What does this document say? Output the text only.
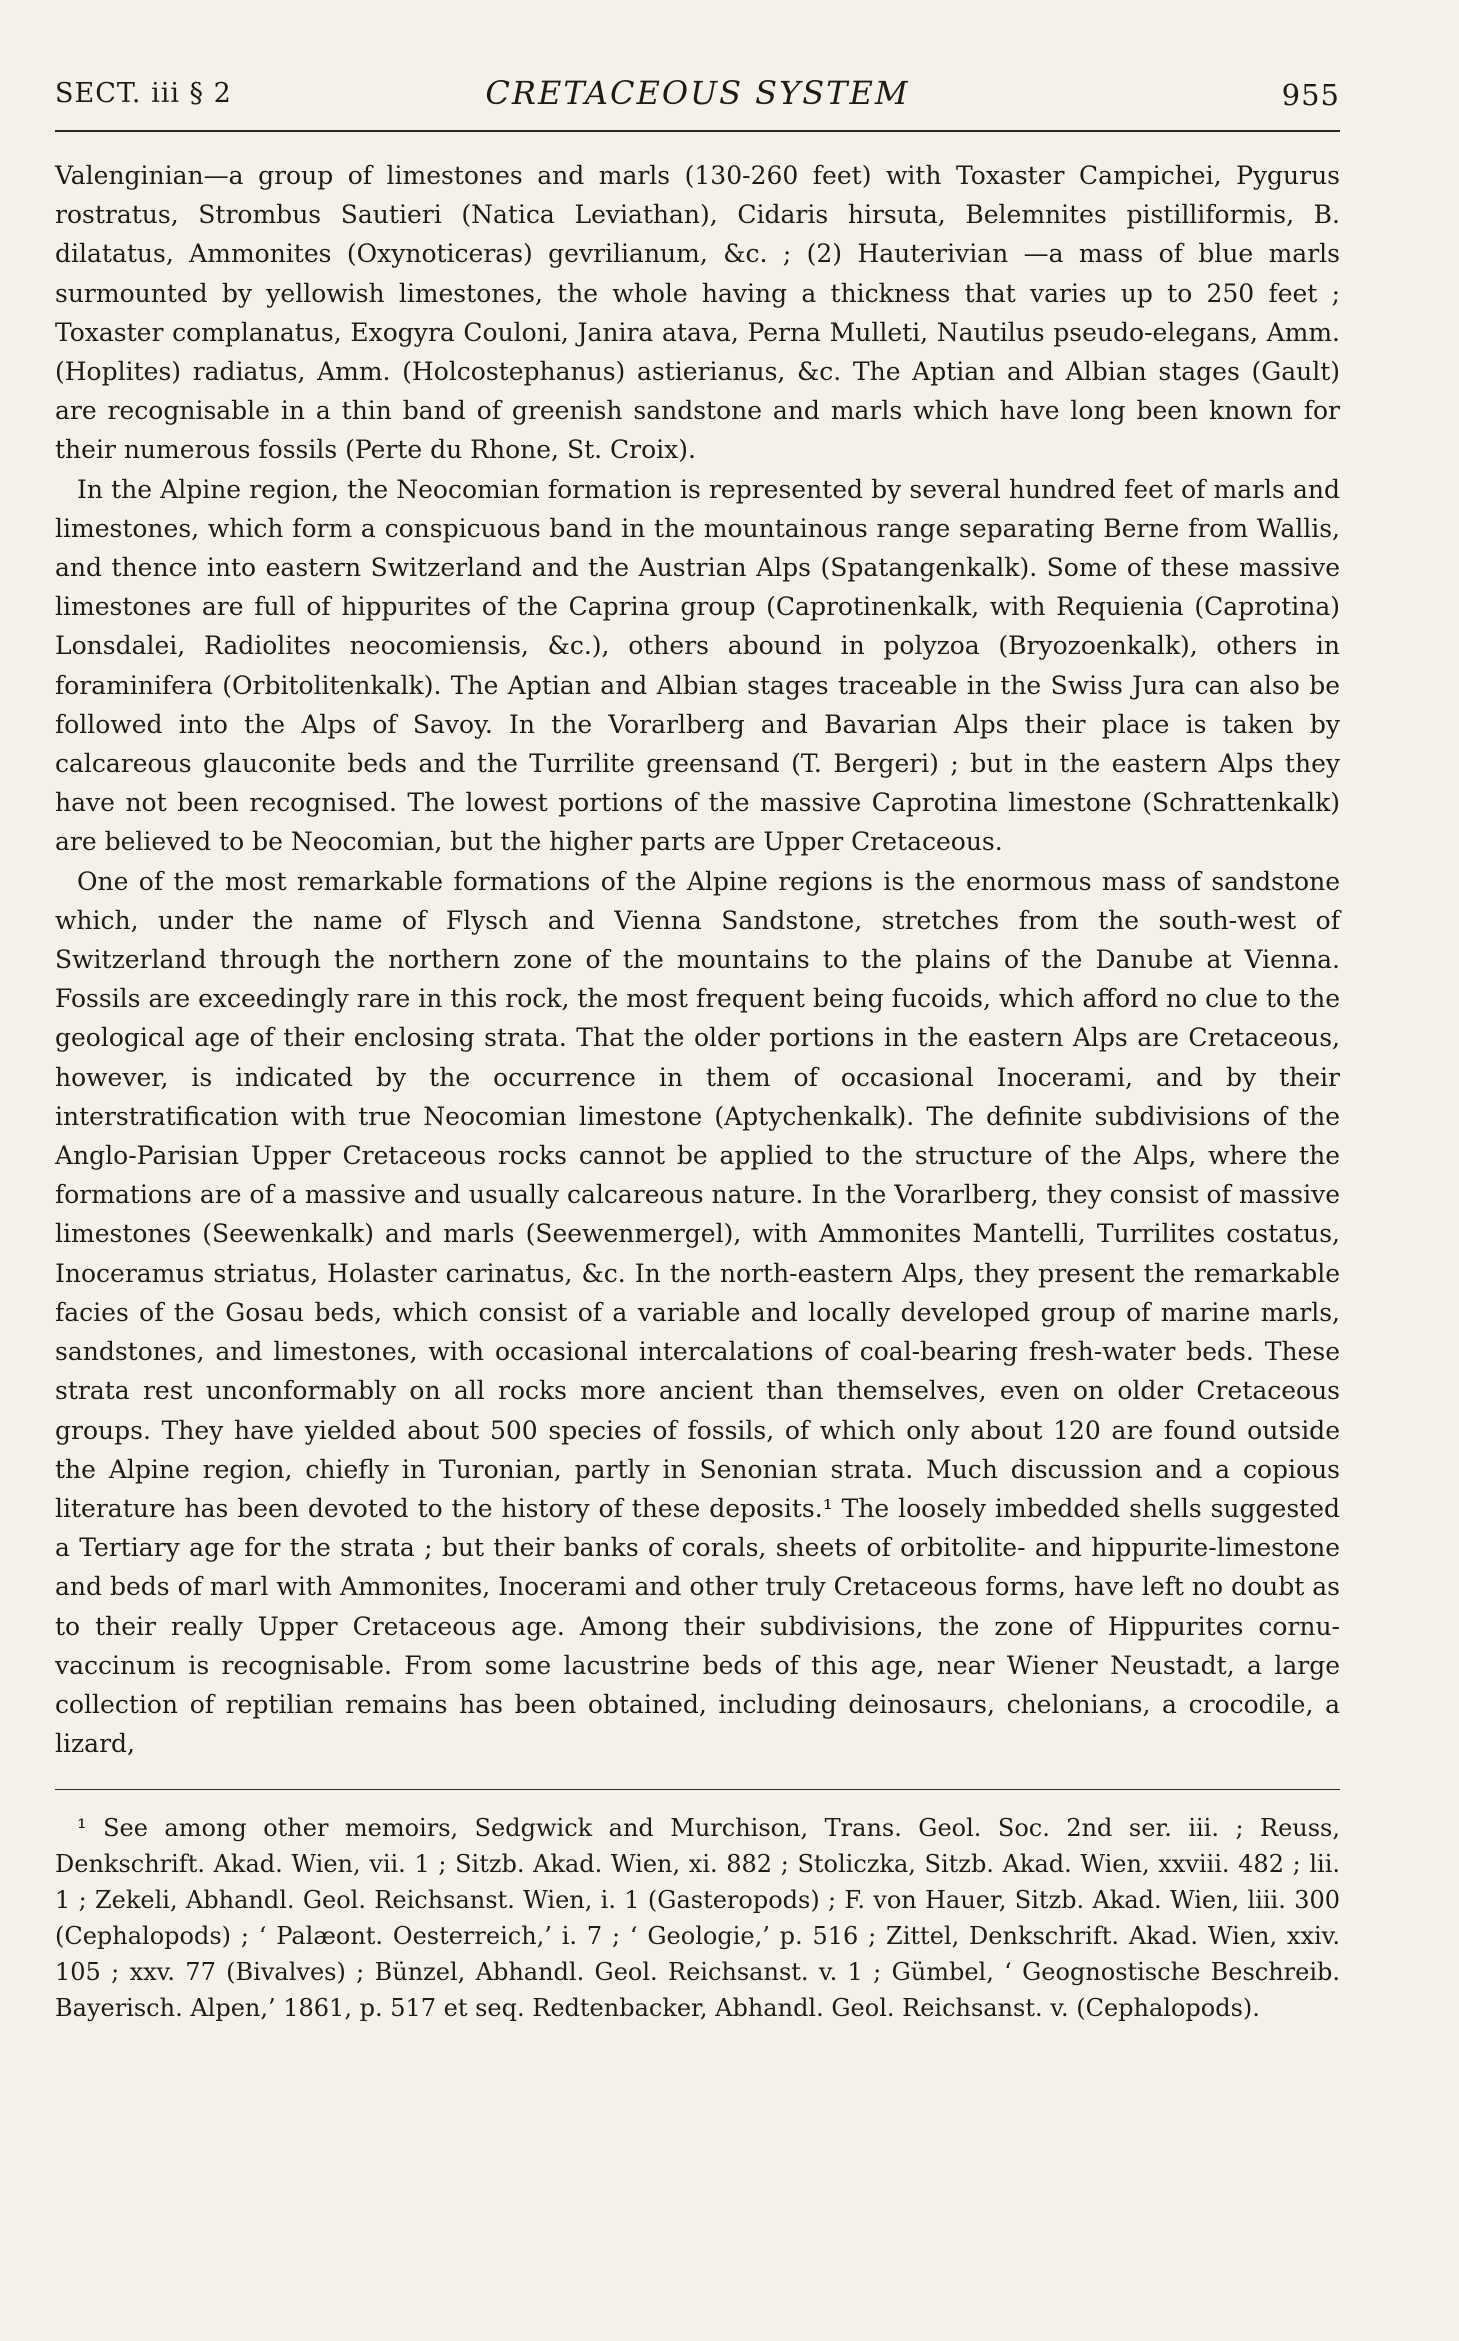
SECT. iii § 2	CRETACEOUS SYSTEM	955

Valenginian—a group of limestones and marls (130-260 feet) with Toxaster Campichei, Pygurus rostratus, Strombus Sautieri (Natica Leviathan), Cidaris hirsuta, Belemnites pistilliformis, B. dilatatus, Ammonites (Oxynoticeras) gevrilianum, &c. ; (2) Hauterivian —a mass of blue marls surmounted by yellowish limestones, the whole having a thickness that varies up to 250 feet ; Toxaster complanatus, Exogyra Couloni, Janira atava, Perna Mulleti, Nautilus pseudo-elegans, Amm. (Hoplites) radiatus, Amm. (Holcostephanus) astierianus, &c. The Aptian and Albian stages (Gault) are recognisable in a thin band of greenish sandstone and marls which have long been known for their numerous fossils (Perte du Rhone, St. Croix).

In the Alpine region, the Neocomian formation is represented by several hundred feet of marls and limestones, which form a conspicuous band in the mountainous range separating Berne from Wallis, and thence into eastern Switzerland and the Austrian Alps (Spatangenkalk). Some of these massive limestones are full of hippurites of the Caprina group (Caprotinenkalk, with Requienia (Caprotina) Lonsdalei, Radiolites neocomiensis, &c.), others abound in polyzoa (Bryozoenkalk), others in foraminifera (Orbitolitenkalk). The Aptian and Albian stages traceable in the Swiss Jura can also be followed into the Alps of Savoy. In the Vorarlberg and Bavarian Alps their place is taken by calcareous glauconite beds and the Turrilite greensand (T. Bergeri) ; but in the eastern Alps they have not been recognised. The lowest portions of the massive Caprotina limestone (Schrattenkalk) are believed to be Neocomian, but the higher parts are Upper Cretaceous.

One of the most remarkable formations of the Alpine regions is the enormous mass of sandstone which, under the name of Flysch and Vienna Sandstone, stretches from the south-west of Switzerland through the northern zone of the mountains to the plains of the Danube at Vienna. Fossils are exceedingly rare in this rock, the most frequent being fucoids, which afford no clue to the geological age of their enclosing strata. That the older portions in the eastern Alps are Cretaceous, however, is indicated by the occurrence in them of occasional Inocerami, and by their interstratification with true Neocomian limestone (Aptychenkalk). The definite subdivisions of the Anglo-Parisian Upper Cretaceous rocks cannot be applied to the structure of the Alps, where the formations are of a massive and usually calcareous nature. In the Vorarlberg, they consist of massive limestones (Seewenkalk) and marls (Seewenmergel), with Ammonites Mantelli, Turrilites costatus, Inoceramus striatus, Holaster carinatus, &c. In the north-eastern Alps, they present the remarkable facies of the Gosau beds, which consist of a variable and locally developed group of marine marls, sandstones, and limestones, with occasional intercalations of coal-bearing fresh-water beds. These strata rest unconformably on all rocks more ancient than themselves, even on older Cretaceous groups. They have yielded about 500 species of fossils, of which only about 120 are found outside the Alpine region, chiefly in Turonian, partly in Senonian strata. Much discussion and a copious literature has been devoted to the history of these deposits.¹ The loosely imbedded shells suggested a Tertiary age for the strata ; but their banks of corals, sheets of orbitolite- and hippurite-limestone and beds of marl with Ammonites, Inocerami and other truly Cretaceous forms, have left no doubt as to their really Upper Cretaceous age. Among their subdivisions, the zone of Hippurites cornu-vaccinum is recognisable. From some lacustrine beds of this age, near Wiener Neustadt, a large collection of reptilian remains has been obtained, including deinosaurs, chelonians, a crocodile, a lizard,

¹ See among other memoirs, Sedgwick and Murchison, Trans. Geol. Soc. 2nd ser. iii. ; Reuss, Denkschrift. Akad. Wien, vii. 1 ; Sitzb. Akad. Wien, xi. 882 ; Stoliczka, Sitzb. Akad. Wien, xxviii. 482 ; lii. 1 ; Zekeli, Abhandl. Geol. Reichsanst. Wien, i. 1 (Gasteropods) ; F. von Hauer, Sitzb. Akad. Wien, liii. 300 (Cephalopods) ; ‘ Palæont. Oesterreich,’ i. 7 ; ‘ Geologie,’ p. 516 ; Zittel, Denkschrift. Akad. Wien, xxiv. 105 ; xxv. 77 (Bivalves) ; Bünzel, Abhandl. Geol. Reichsanst. v. 1 ; Gümbel, ‘ Geognostische Beschreib. Bayerisch. Alpen,’ 1861, p. 517 et seq. Redtenbacker, Abhandl. Geol. Reichsanst. v. (Cephalopods).
